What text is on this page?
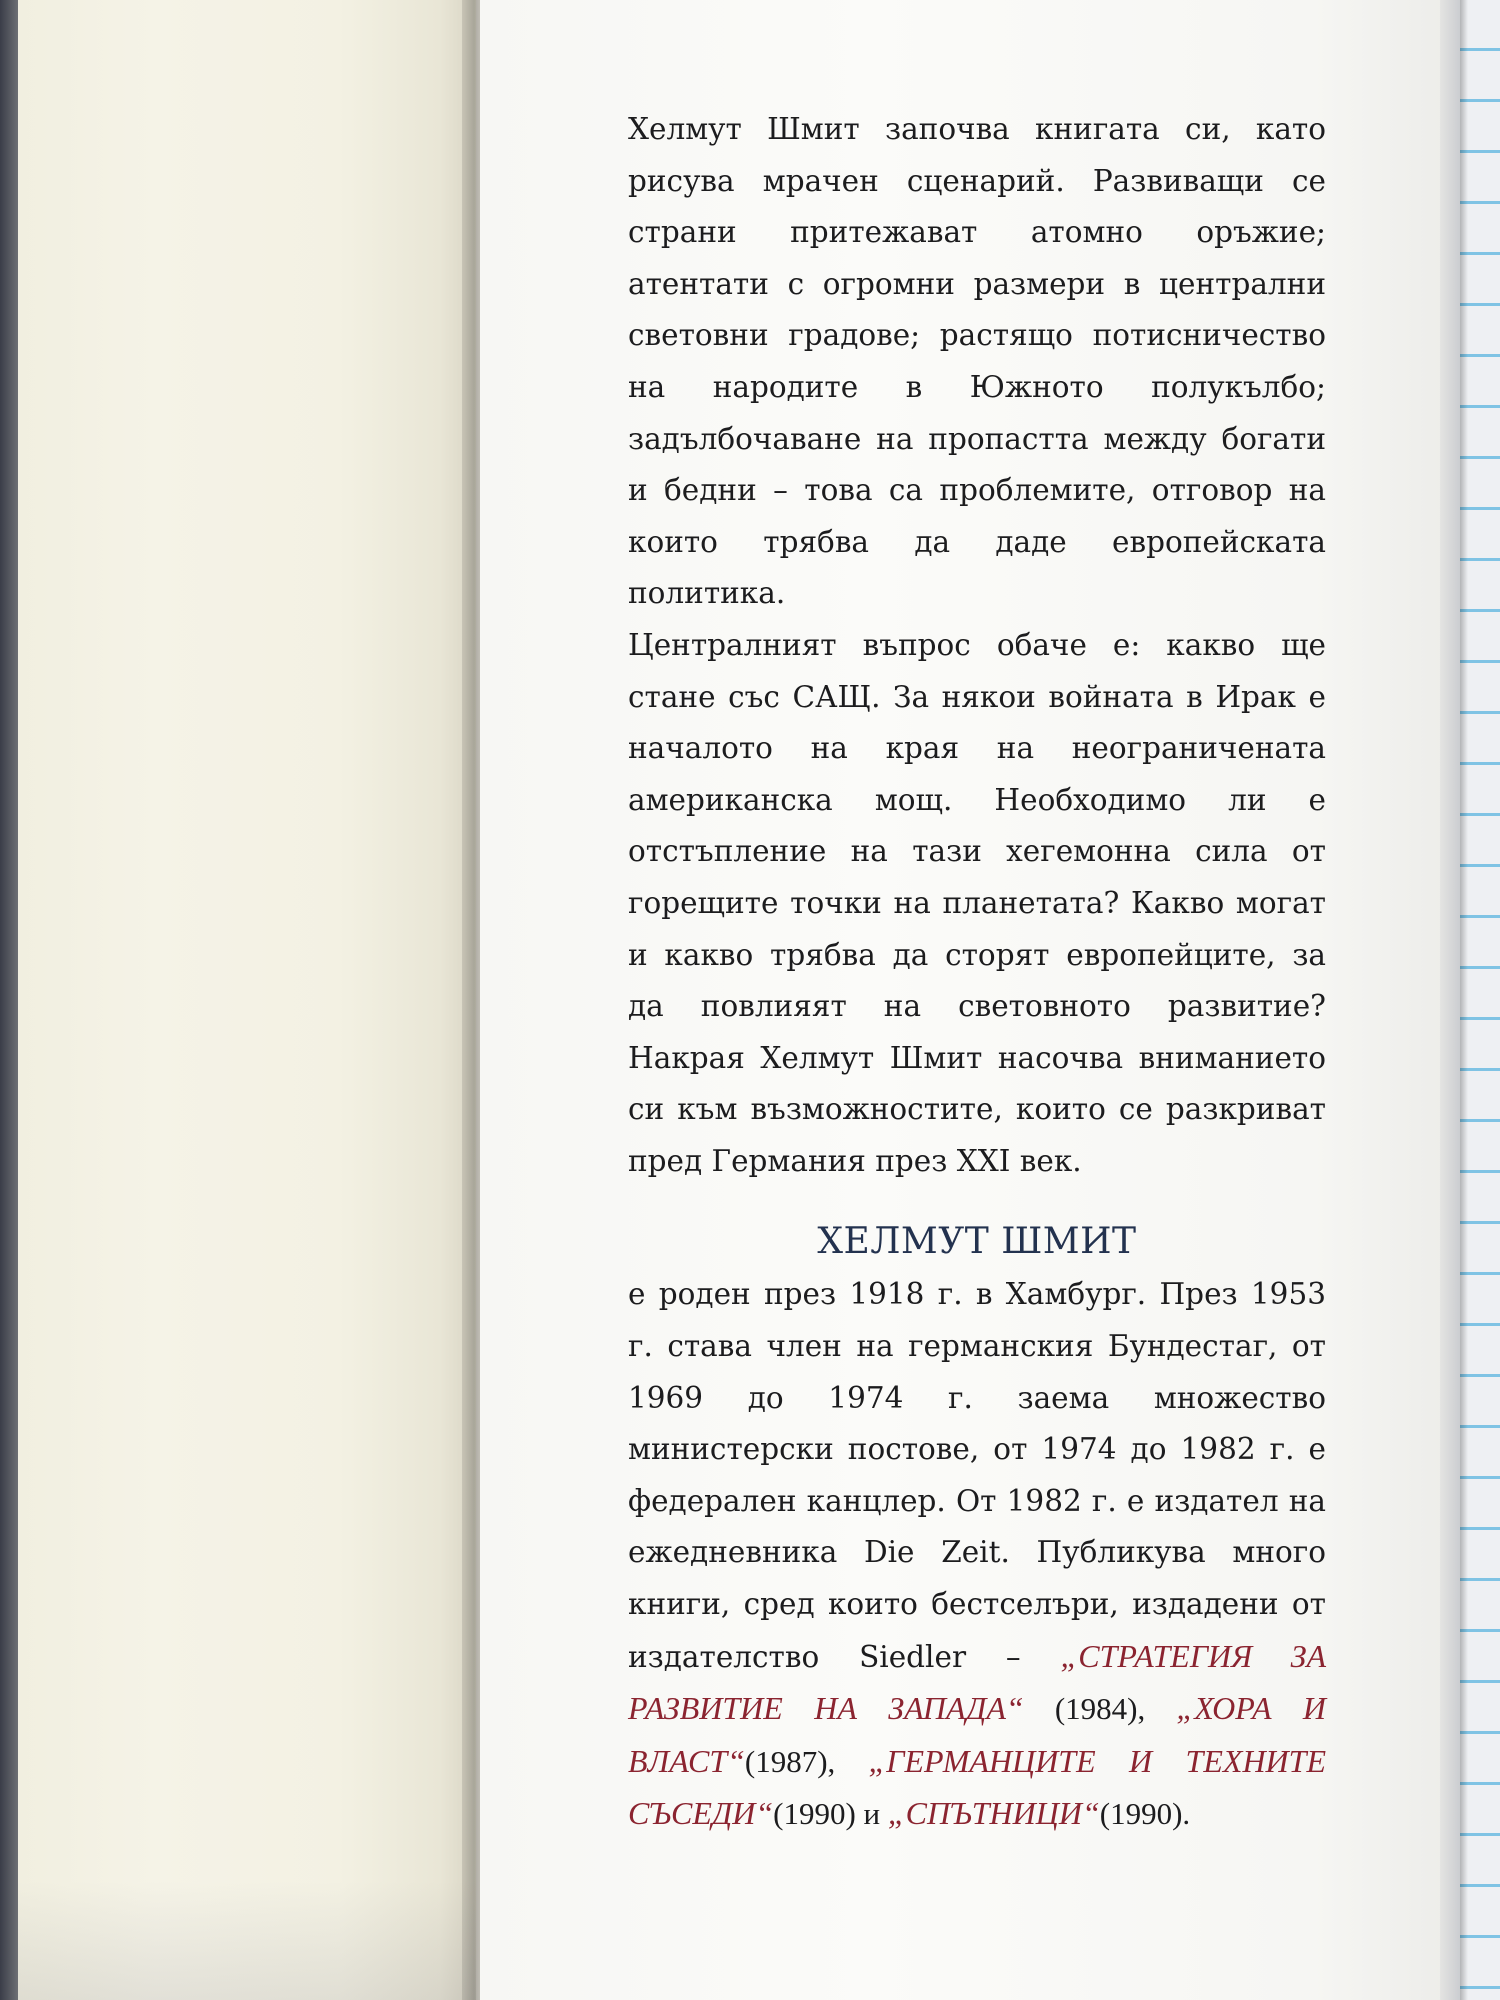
Хелмут Шмит започва книгата си, като рисува мрачен сценарий. Развиващи се страни притежават атомно оръжие; атентати с огромни размери в централни световни градове; растящо потисничество на народите в Южното полукълбо; задълбочаване на пропастта между богати и бедни – това са проблемите, отговор на които трябва да даде европейската политика.

Централният въпрос обаче е: какво ще стане със САЩ. За някои войната в Ирак е началото на края на неограничената американска мощ. Необходимо ли е отстъпление на тази хегемонна сила от горещите точки на планетата? Какво могат и какво трябва да сторят европейците, за да повлияят на световното развитие? Накрая Хелмут Шмит насочва вниманието си към възможностите, които се разкриват пред Германия през XXI век.

ХЕЛМУТ ШМИТ

е роден през 1918 г. в Хамбург. През 1953 г. става член на германския Бундестаг, от 1969 до 1974 г. заема множество министерски постове, от 1974 до 1982 г. е федерален канцлер. От 1982 г. е издател на ежедневника Die Zeit. Публикува много книги, сред които бестселъри, издадени от издателство Siedler – „СТРАТЕГИЯ ЗА РАЗВИТИЕ НА ЗАПАДА“ (1984), „ХОРА И ВЛАСТ“(1987), „ГЕРМАНЦИТЕ И ТЕХНИТЕ СЪСЕДИ“(1990) и „СПЪТНИЦИ“(1990).
